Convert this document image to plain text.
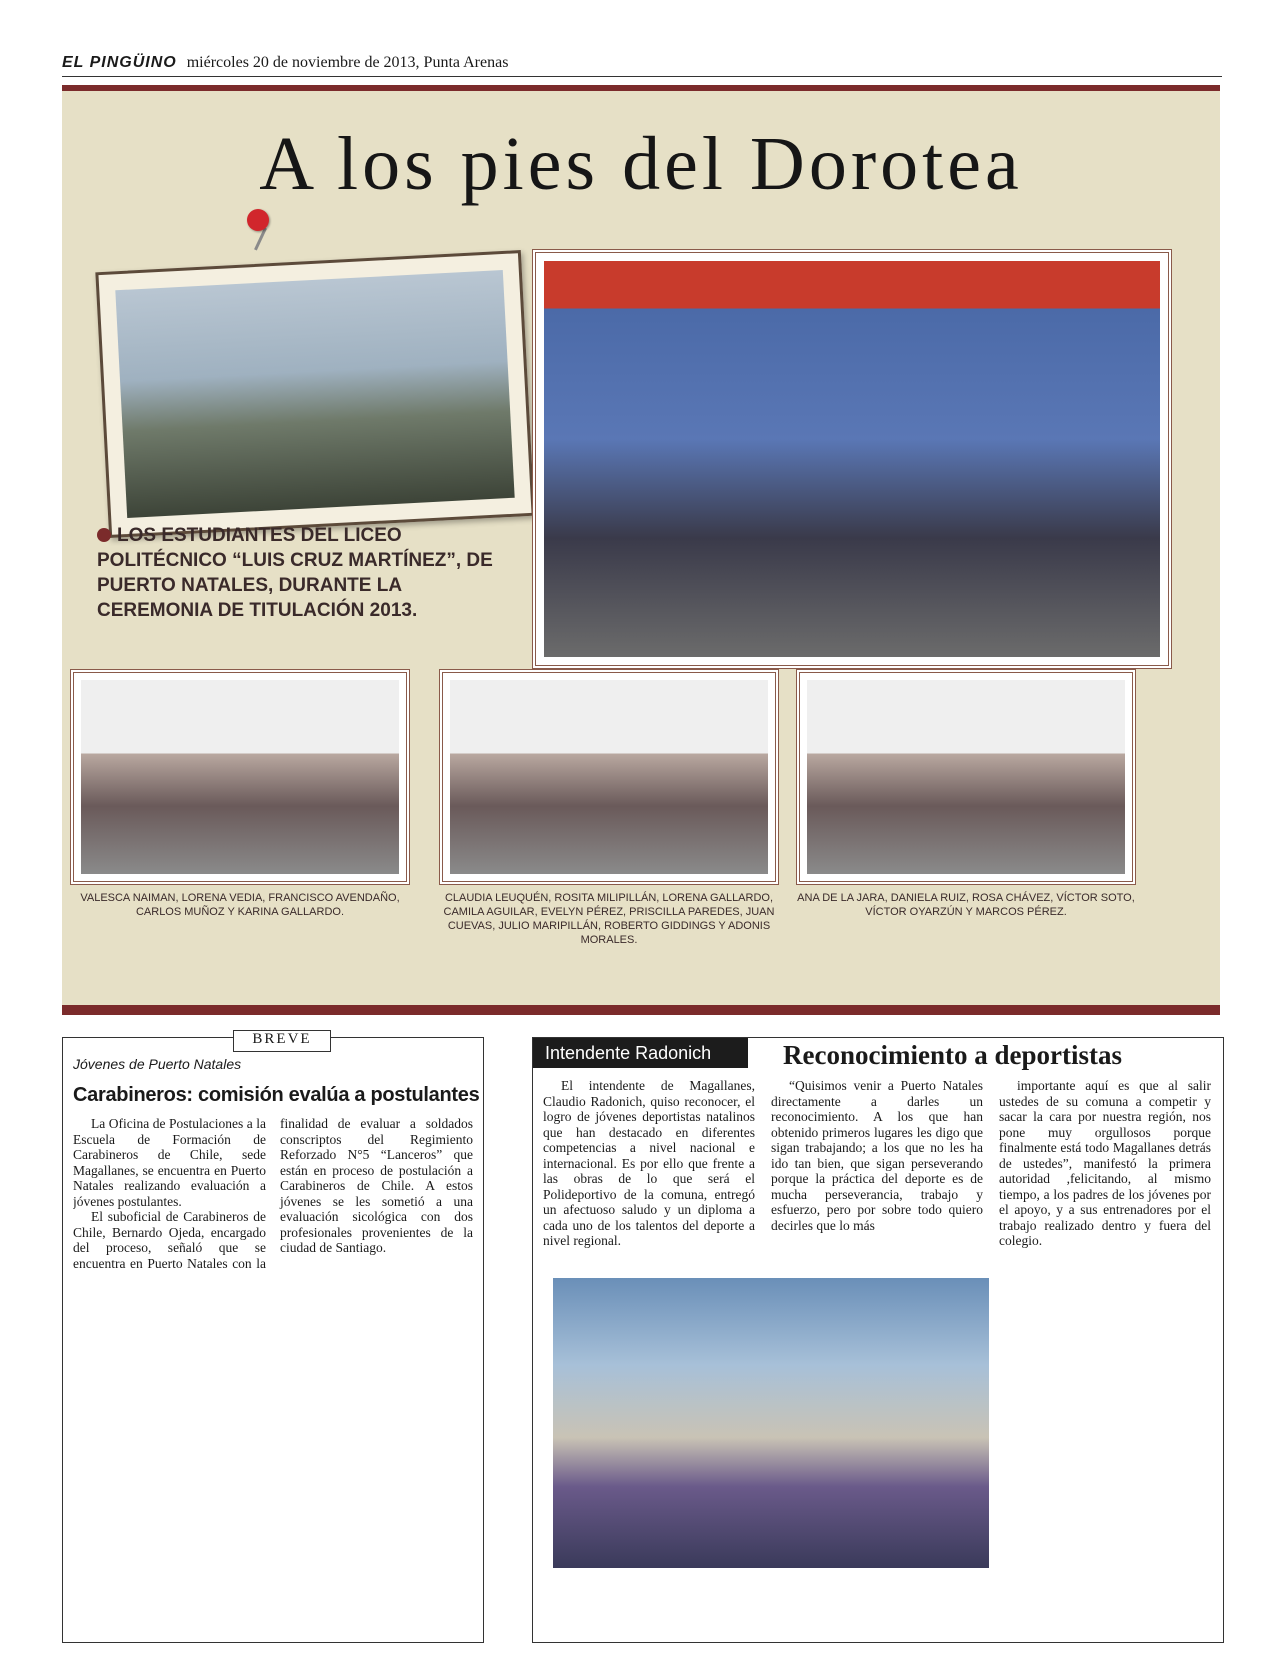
EL PINGÜINO miércoles 20 de noviembre de 2013, Punta Arenas
A los pies del Dorotea
LOS ESTUDIANTES DEL LICEO POLITÉCNICO “LUIS CRUZ MARTÍNEZ”, DE PUERTO NATALES, DURANTE LA CEREMONIA DE TITULACIÓN 2013.
VALESCA NAIMAN, LORENA VEDIA, FRANCISCO AVENDAÑO, CARLOS MUÑOZ Y KARINA GALLARDO.
CLAUDIA LEUQUÉN, ROSITA MILIPILLÁN, LORENA GALLARDO, CAMILA AGUILAR, EVELYN PÉREZ, PRISCILLA PAREDES, JUAN CUEVAS, JULIO MARIPILLÁN, ROBERTO GIDDINGS Y ADONIS MORALES.
ANA DE LA JARA, DANIELA RUIZ, ROSA CHÁVEZ, VÍCTOR SOTO, VÍCTOR OYARZÚN Y MARCOS PÉREZ.
BREVE
Jóvenes de Puerto Natales
Carabineros: comisión evalúa a postulantes

La Oficina de Postulaciones a la Escuela de Formación de Carabineros de Chile, sede Magallanes, se encuentra en Puerto Natales realizando evaluación a jóvenes postulantes.

El suboficial de Carabineros de Chile, Bernardo Ojeda, encargado del proceso, señaló que se encuentra en Puerto Natales con la finalidad de evaluar a soldados conscriptos del Regimiento Reforzado N°5 “Lanceros” que están en proceso de postulación a Carabineros de Chile. A estos jóvenes se les sometió a una evaluación sicológica con dos profesionales provenientes de la ciudad de Santiago.

Intendente Radonich	Reconocimiento a deportistas

El intendente de Magallanes, Claudio Radonich, quiso reconocer, el logro de jóvenes deportistas natalinos que han destacado en diferentes competencias a nivel nacional e internacional. Es por ello que frente a las obras de lo que será el Polideportivo de la comuna, entregó un afectuoso saludo y un diploma a cada uno de los talentos del deporte a nivel regional.

“Quisimos venir a Puerto Natales directamente a darles un reconocimiento. A los que han obtenido primeros lugares les digo que sigan trabajando; a los que no les ha ido tan bien, que sigan perseverando porque la práctica del deporte es de mucha perseverancia, trabajo y esfuerzo, pero por sobre todo quiero decirles que lo más

importante aquí es que al salir ustedes de su comuna a competir y sacar la cara por nuestra región, nos pone muy orgullosos porque finalmente está todo Magallanes detrás de ustedes”, manifestó la primera autoridad ,felicitando, al mismo tiempo, a los padres de los jóvenes por el apoyo, y a sus entrenadores por el trabajo realizado dentro y fuera del colegio.
